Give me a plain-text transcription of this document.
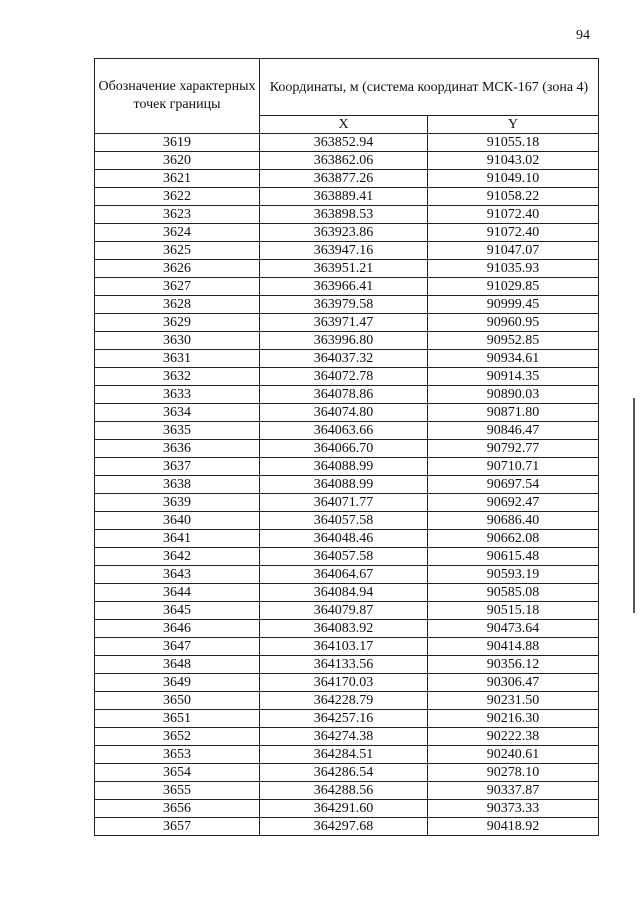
94
Обозначение характерных точек границы	Координаты, м (система координат МСК-167 (зона 4)	
	X	Y
3619	363852.94	91055.18
3620	363862.06	91043.02
3621	363877.26	91049.10
3622	363889.41	91058.22
3623	363898.53	91072.40
3624	363923.86	91072.40
3625	363947.16	91047.07
3626	363951.21	91035.93
3627	363966.41	91029.85
3628	363979.58	90999.45
3629	363971.47	90960.95
3630	363996.80	90952.85
3631	364037.32	90934.61
3632	364072.78	90914.35
3633	364078.86	90890.03
3634	364074.80	90871.80
3635	364063.66	90846.47
3636	364066.70	90792.77
3637	364088.99	90710.71
3638	364088.99	90697.54
3639	364071.77	90692.47
3640	364057.58	90686.40
3641	364048.46	90662.08
3642	364057.58	90615.48
3643	364064.67	90593.19
3644	364084.94	90585.08
3645	364079.87	90515.18
3646	364083.92	90473.64
3647	364103.17	90414.88
3648	364133.56	90356.12
3649	364170.03	90306.47
3650	364228.79	90231.50
3651	364257.16	90216.30
3652	364274.38	90222.38
3653	364284.51	90240.61
3654	364286.54	90278.10
3655	364288.56	90337.87
3656	364291.60	90373.33
3657	364297.68	90418.92
